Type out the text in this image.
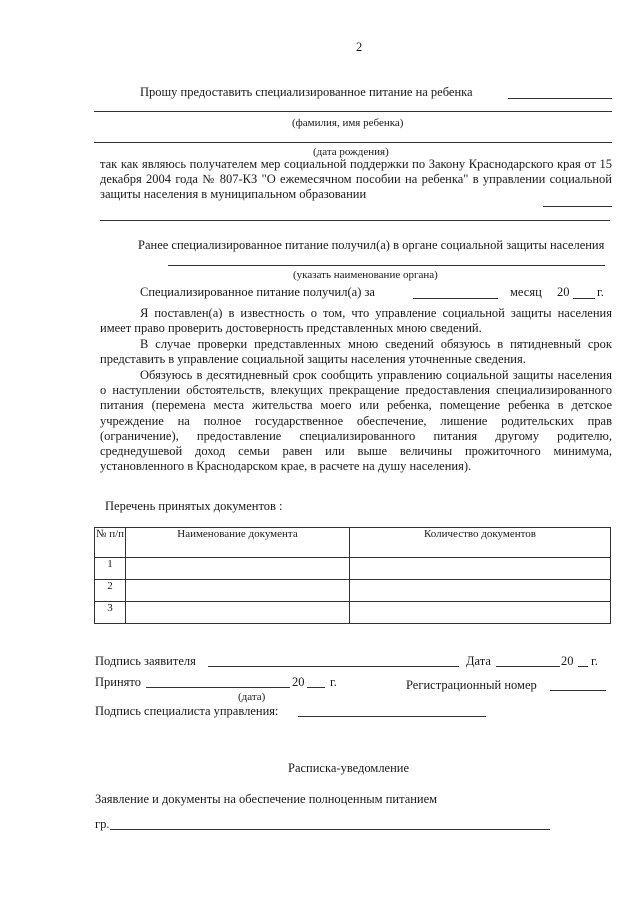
2
Прошу предоставить специализированное питание на ребенка
(фамилия, имя ребенка)
(дата рождения)
так как являюсь получателем мер социальной поддержки по Закону Краснодарского края от 15 декабря 2004 года № 807-КЗ "О ежемесячном пособии на ребенка" в управлении социальной защиты населения в муниципальном образовании
Ранее специализированное питание получил(а) в органе социальной защиты населения
(указать наименование органа)
Специализированное питание получил(а) за	месяц 20 г.
Я поставлен(а) в известность о том, что управление социальной защиты населения имеет право проверить достоверность представленных мною сведений.
В случае проверки представленных мною сведений обязуюсь в пятидневный срок представить в управление социальной защиты населения уточненные сведения.
Обязуюсь в десятидневный срок сообщить управлению социальной защиты населения о наступлении обстоятельств, влекущих прекращение предоставления специализированного питания (перемена места жительства моего или ребенка, помещение ребенка в детское учреждение на полное государственное обеспечение, лишение родительских прав (ограничение), предоставление специализированного питания другому родителю, среднедушевой доход семьи равен или выше величины прожиточного минимума, установленного в Краснодарском крае, в расчете на душу населения).
Перечень принятых документов :
№ п/п	Наименование документа	Количество документов
1		
2		
3		
Подпись заявителя	Дата	20 г.
Принято	20 г.	Регистрационный номер
(дата)
Подпись специалиста управления:
Расписка-уведомление
Заявление и документы на обеспечение полноценным питанием
гр.
